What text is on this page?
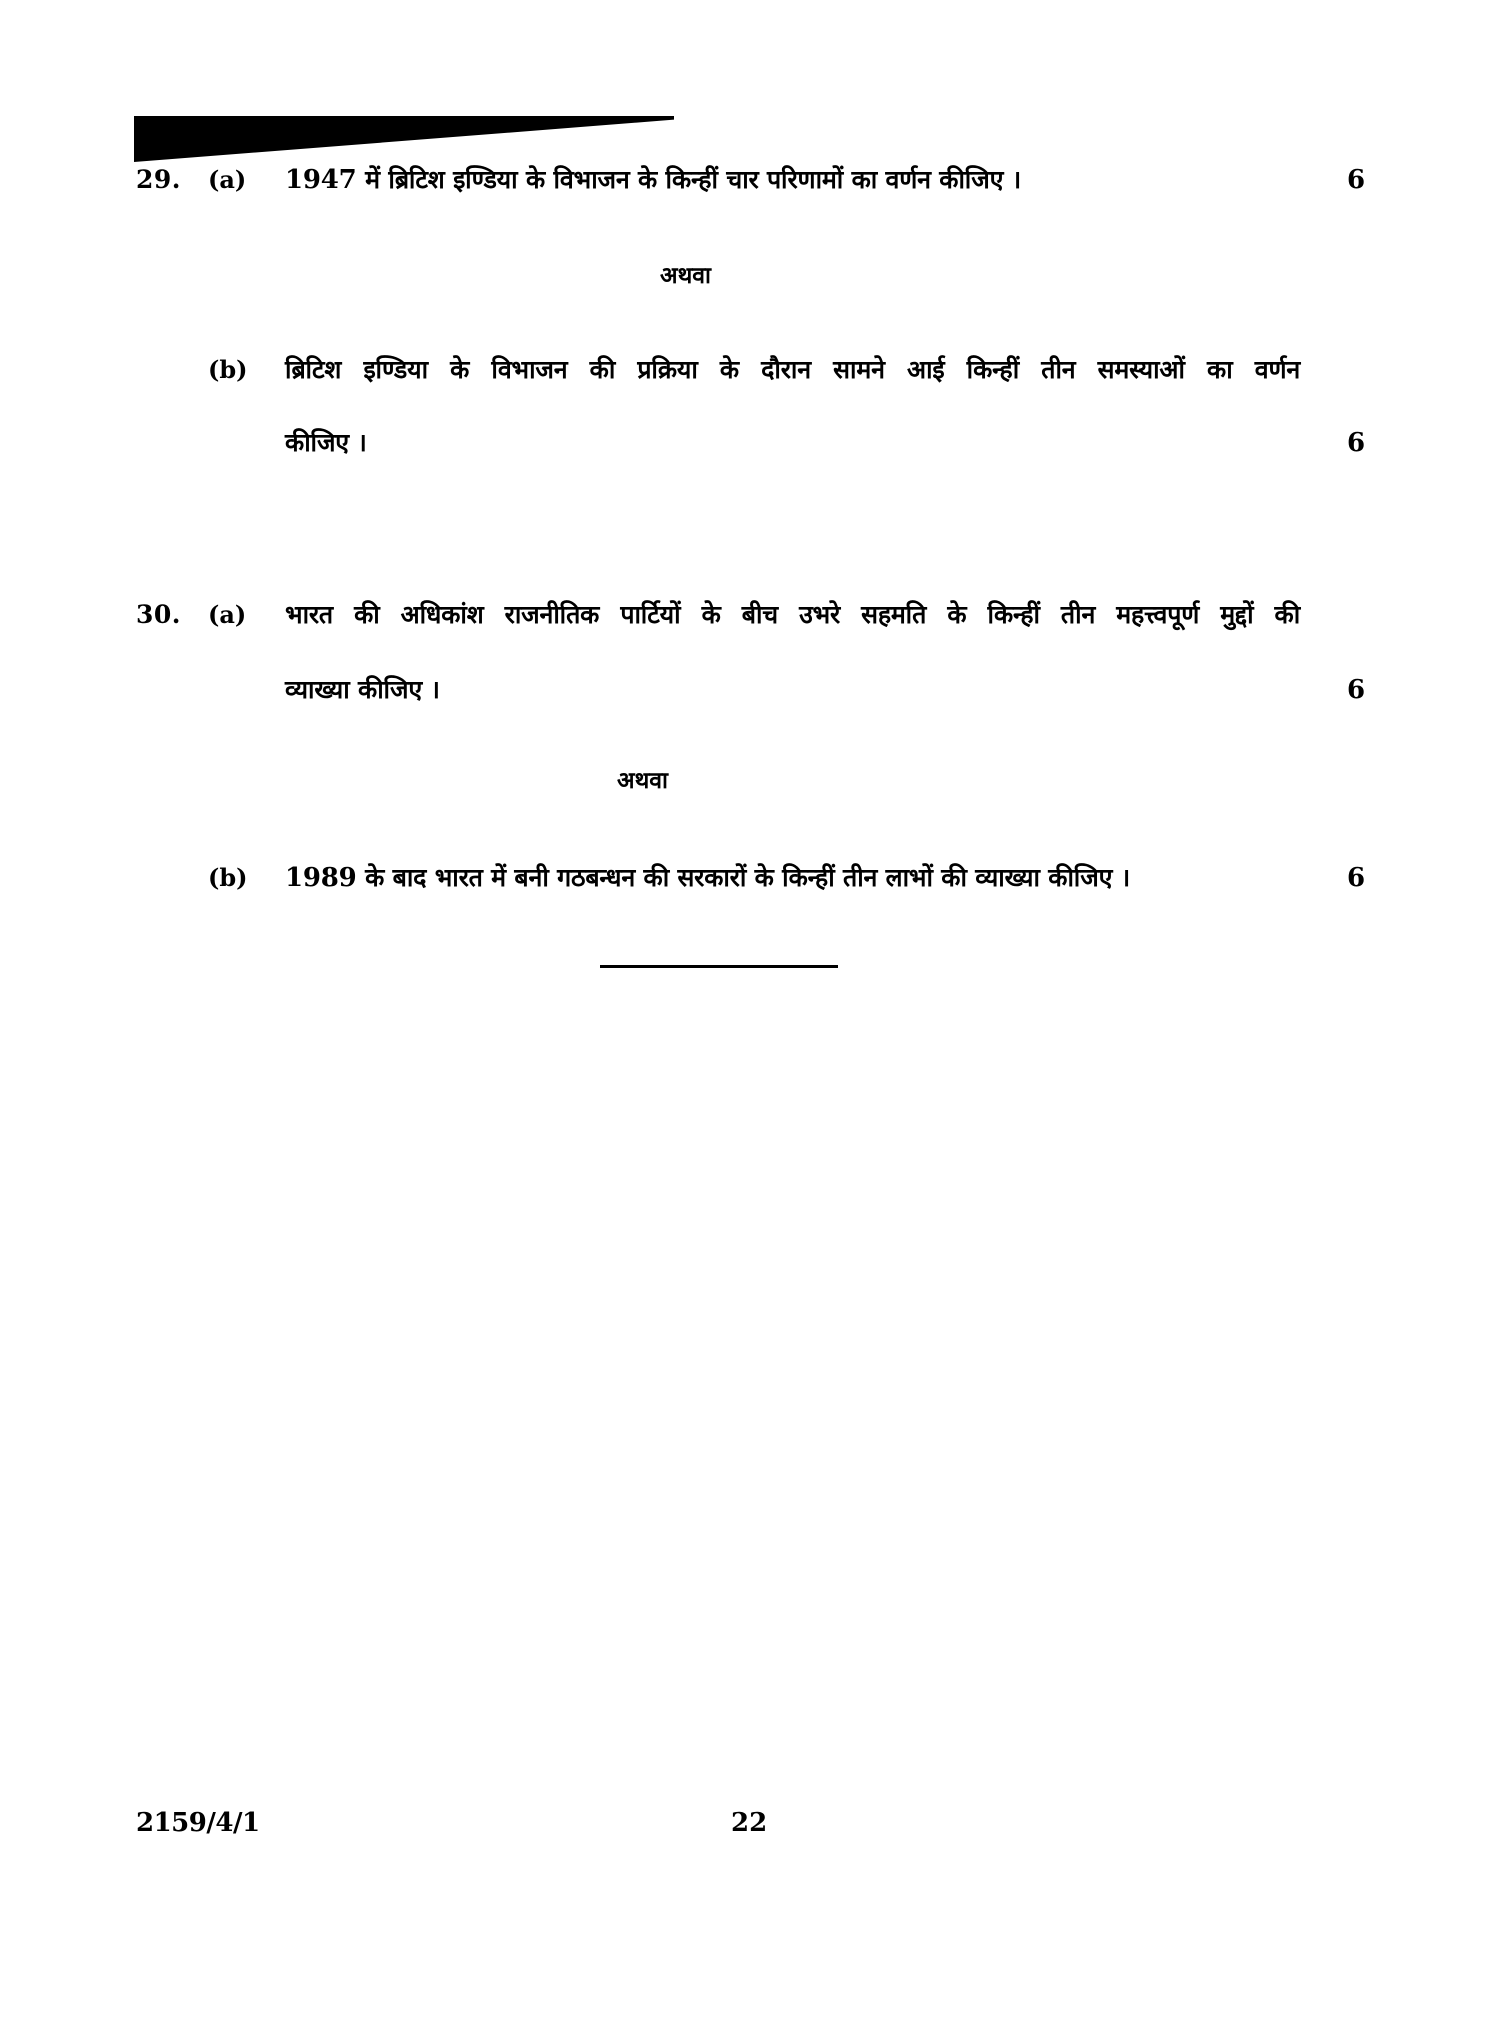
29. (a) 1947 में ब्रिटिश इण्डिया के विभाजन के किन्हीं चार परिणामों का वर्णन कीजिए ।	6
अथवा
(b) ब्रिटिश इण्डिया के विभाजन की प्रक्रिया के दौरान सामने आई किन्हीं तीन समस्याओं का वर्णन
कीजिए ।	6
30. (a) भारत की अधिकांश राजनीतिक पार्टियों के बीच उभरे सहमति के किन्हीं तीन महत्त्वपूर्ण मुद्दों की
व्याख्या कीजिए ।	6
अथवा
(b) 1989 के बाद भारत में बनी गठबन्धन की सरकारों के किन्हीं तीन लाभों की व्याख्या कीजिए ।	6
2159/4/1	22
